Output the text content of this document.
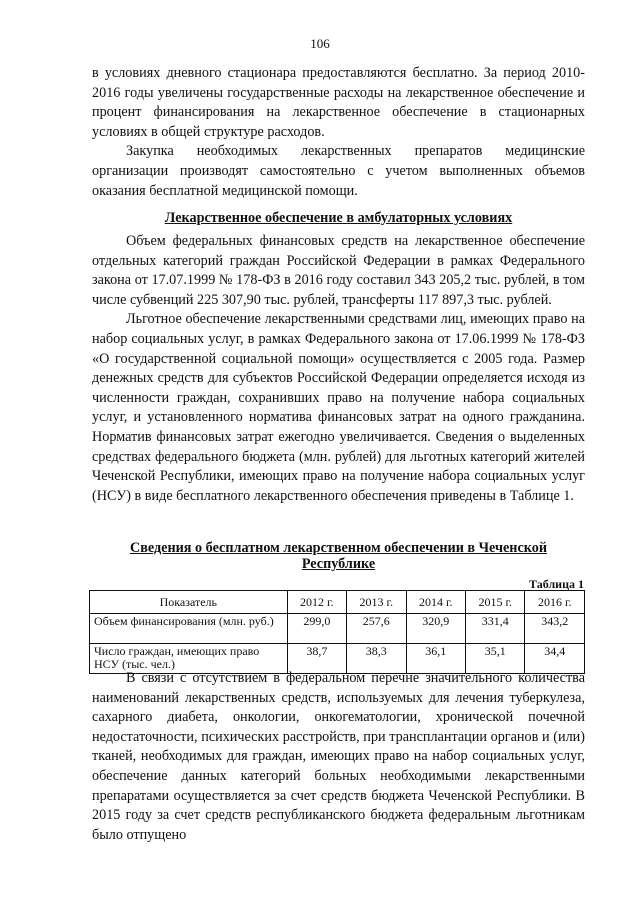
106

в условиях дневного стационара предоставляются бесплатно. За период 2010-2016 годы увеличены государственные расходы на лекарственное обеспечение и процент финансирования на лекарственное обеспечение в стационарных условиях в общей структуре расходов.

Закупка необходимых лекарственных препаратов медицинские организации производят самостоятельно с учетом выполненных объемов оказания бесплатной медицинской помощи.

Лекарственное обеспечение в амбулаторных условиях

Объем федеральных финансовых средств на лекарственное обеспечение отдельных категорий граждан Российской Федерации в рамках Федерального закона от 17.07.1999 № 178-ФЗ в 2016 году составил 343 205,2 тыс. рублей, в том числе субвенций 225 307,90 тыс. рублей, трансферты 117 897,3 тыс. рублей.

Льготное обеспечение лекарственными средствами лиц, имеющих право на набор социальных услуг, в рамках Федерального закона от 17.06.1999 № 178-ФЗ «О государственной социальной помощи» осуществляется с 2005 года. Размер денежных средств для субъектов Российской Федерации определяется исходя из численности граждан, сохранивших право на получение набора социальных услуг, и установленного норматива финансовых затрат на одного гражданина. Норматив финансовых затрат ежегодно увеличивается. Сведения о выделенных средствах федерального бюджета (млн. рублей) для льготных категорий жителей Чеченской Республики, имеющих право на получение набора социальных услуг (НСУ) в виде бесплатного лекарственного обеспечения приведены в Таблице 1.

Сведения о бесплатном лекарственном обеспечении в Чеченской Республике
Таблица 1
Показатель	2012 г.	2013 г.	2014 г.	2015 г.	2016 г.
Объем финансирования (млн. руб.)	299,0	257,6	320,9	331,4	343,2
Число граждан, имеющих право НСУ (тыс. чел.)	38,7	38,3	36,1	35,1	34,4

В связи с отсутствием в федеральном перечне значительного количества наименований лекарственных средств, используемых для лечения туберкулеза, сахарного диабета, онкологии, онкогематологии, хронической почечной недостаточности, психических расстройств, при трансплантации органов и (или) тканей, необходимых для граждан, имеющих право на набор социальных услуг, обеспечение данных категорий больных необходимыми лекарственными препаратами осуществляется за счет средств бюджета Чеченской Республики. В 2015 году за счет средств республиканского бюджета федеральным льготникам было отпущено
